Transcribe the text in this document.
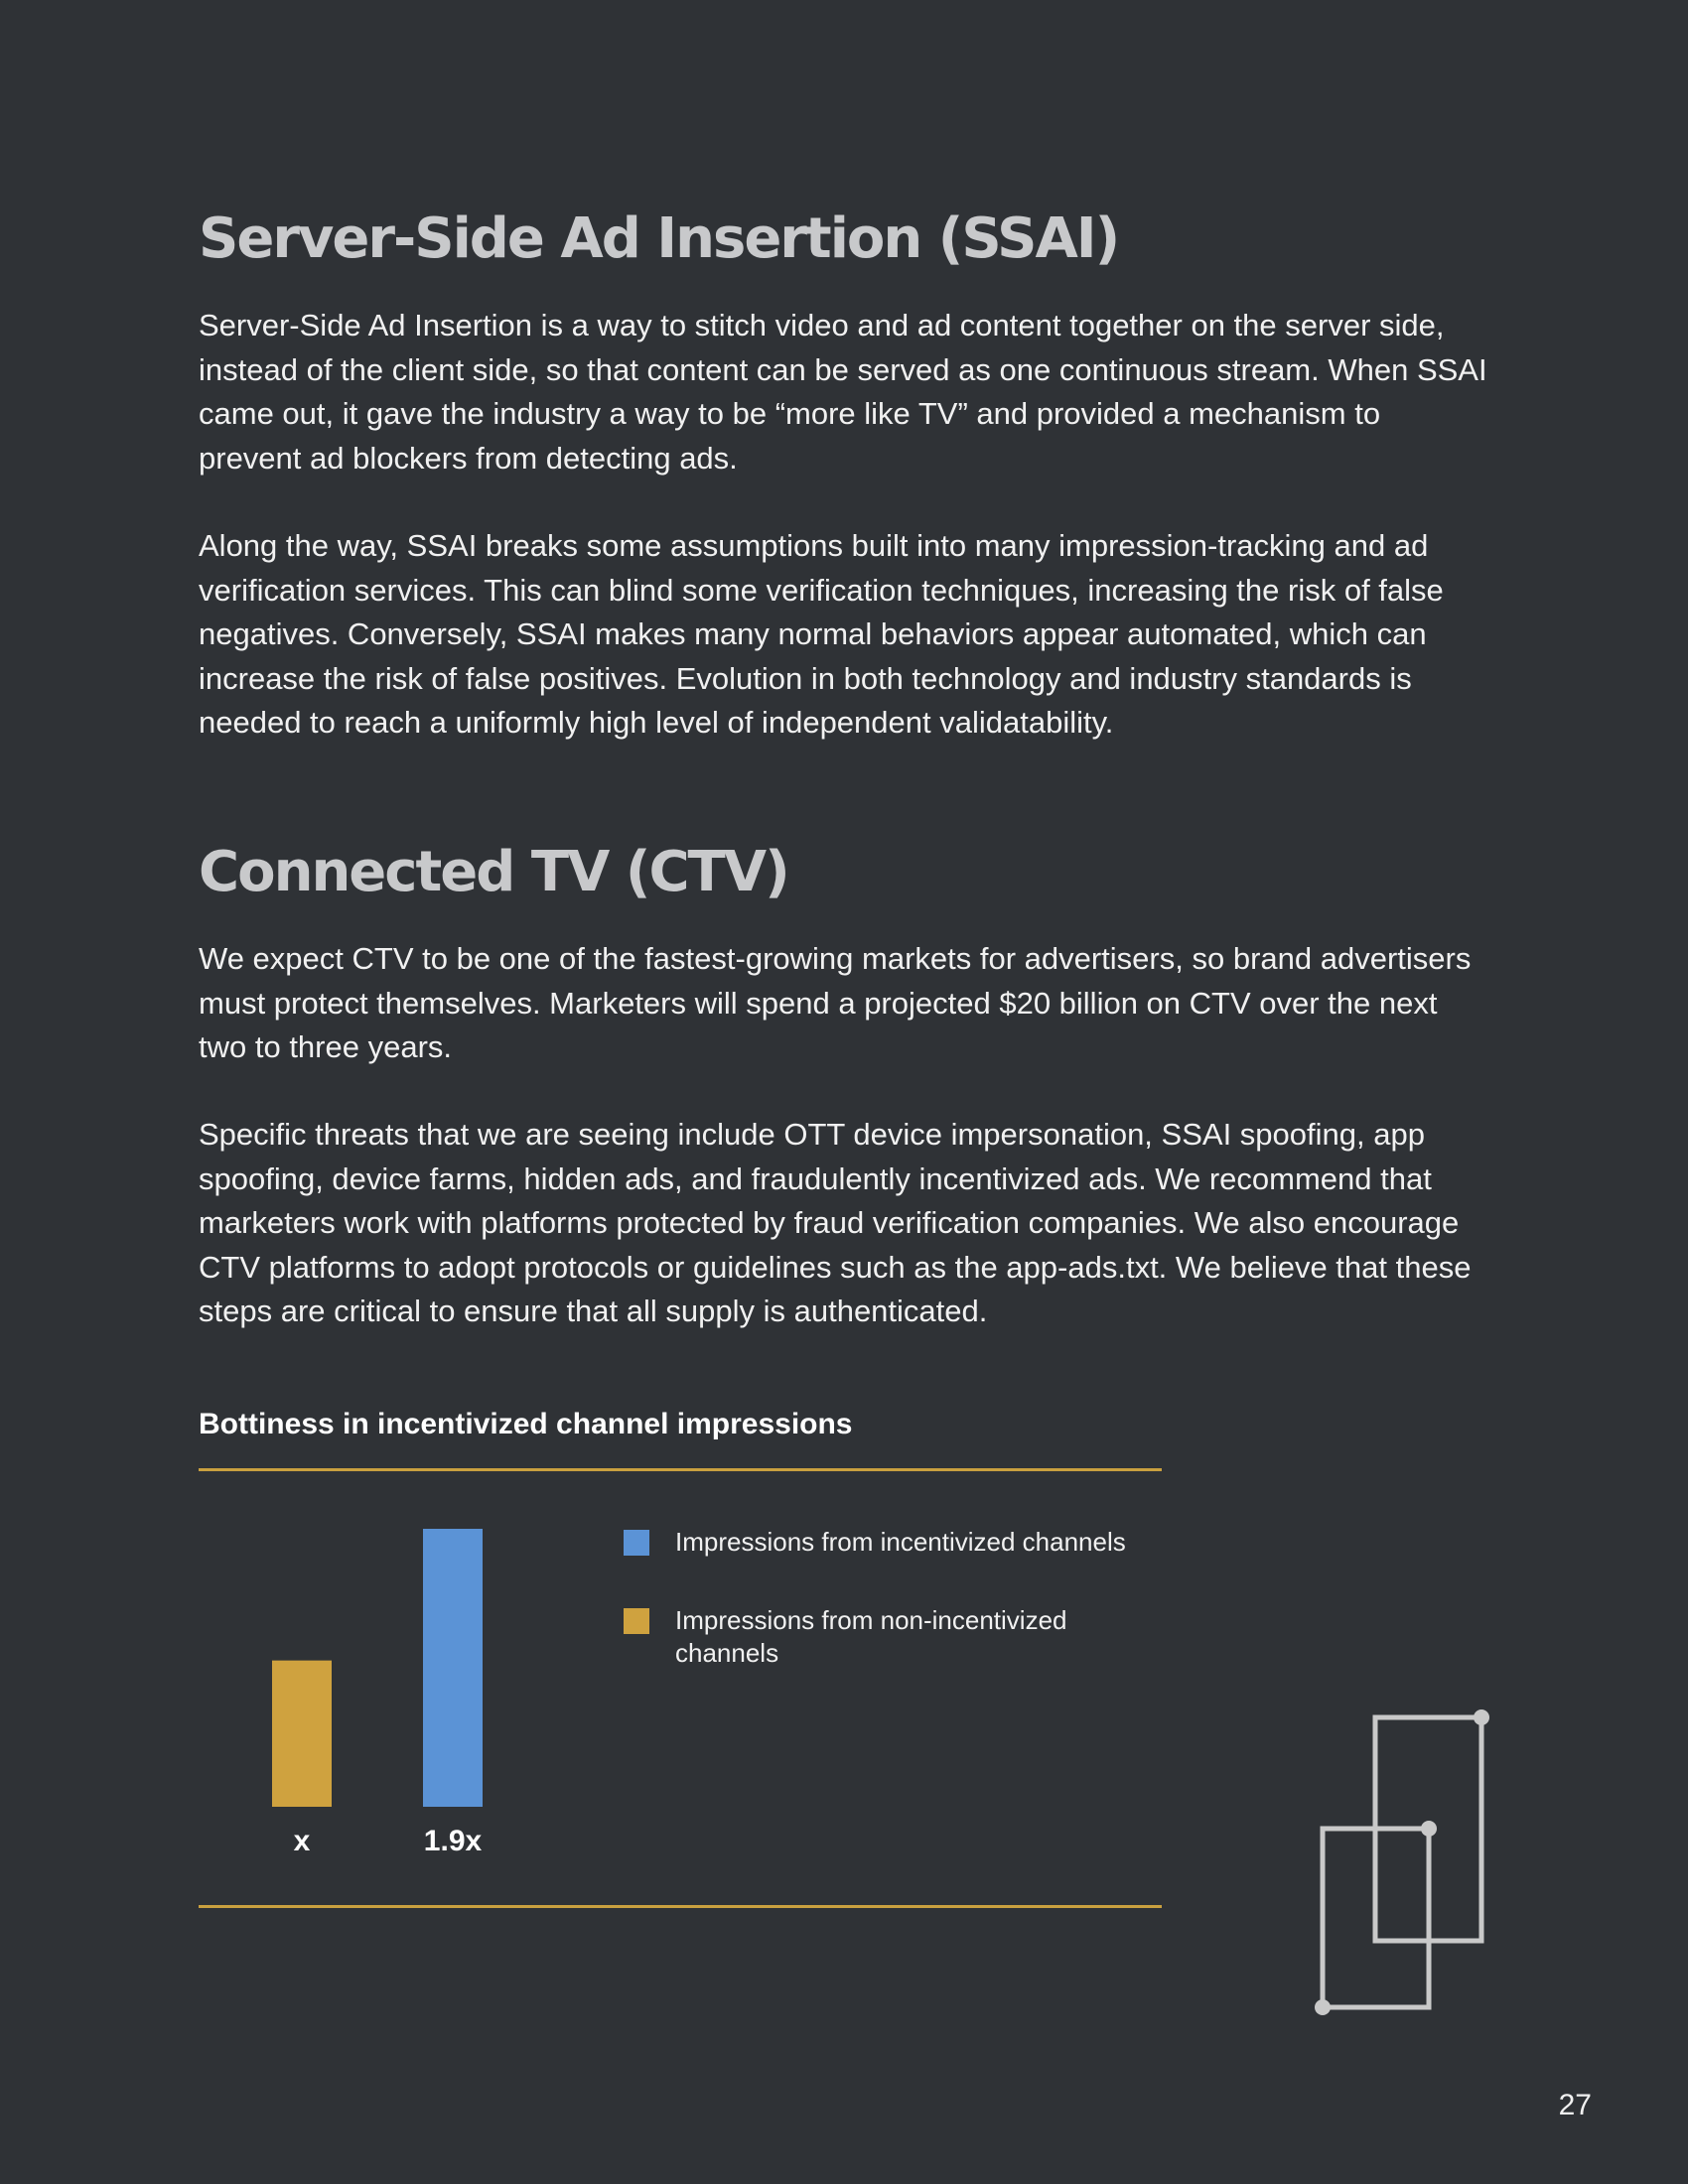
Server-Side Ad Insertion (SSAI)

Server-Side Ad Insertion is a way to stitch video and ad content together on the server side, instead of the client side, so that content can be served as one continuous stream. When SSAI came out, it gave the industry a way to be “more like TV” and provided a mechanism to prevent ad blockers from detecting ads.

Along the way, SSAI breaks some assumptions built into many impression-tracking and ad verification services. This can blind some verification techniques, increasing the risk of false negatives. Conversely, SSAI makes many normal behaviors appear automated, which can increase the risk of false positives. Evolution in both technology and industry standards is needed to reach a uniformly high level of independent validatability.

Connected TV (CTV)

We expect CTV to be one of the fastest-growing markets for advertisers, so brand advertisers must protect themselves. Marketers will spend a projected $20 billion on CTV over the next two to three years.

Specific threats that we are seeing include OTT device impersonation, SSAI spoofing, app spoofing, device farms, hidden ads, and fraudulently incentivized ads. We recommend that marketers work with platforms protected by fraud verification companies. We also encourage CTV platforms to adopt protocols or guidelines such as the app-ads.txt. We believe that these steps are critical to ensure that all supply is authenticated.

Bottiness in incentivized channel impressions
x	1.9x
Impressions from incentivized channels
Impressions from non-incentivized channels
27
